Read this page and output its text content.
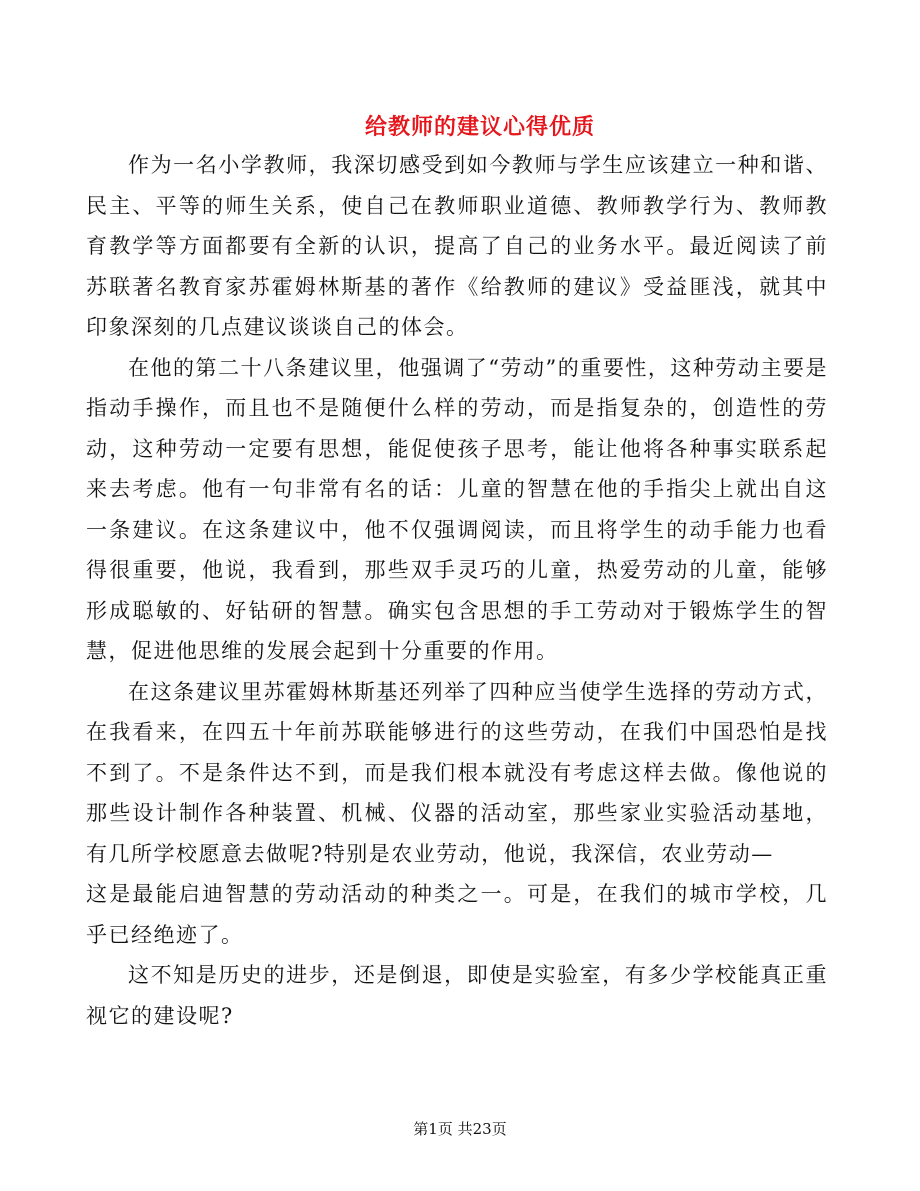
给教师的建议心得优质

作为一名小学教师，我深切感受到如今教师与学生应该建立一种和谐、民主、平等的师生关系，使自己在教师职业道德、教师教学行为、教师教育教学等方面都要有全新的认识，提高了自己的业务水平。最近阅读了前苏联著名教育家苏霍姆林斯基的著作《给教师的建议》受益匪浅，就其中印象深刻的几点建议谈谈自己的体会。

在他的第二十八条建议里，他强调了“劳动”的重要性，这种劳动主要是指动手操作，而且也不是随便什么样的劳动，而是指复杂的，创造性的劳动，这种劳动一定要有思想，能促使孩子思考，能让他将各种事实联系起来去考虑。他有一句非常有名的话：儿童的智慧在他的手指尖上就出自这一条建议。在这条建议中，他不仅强调阅读，而且将学生的动手能力也看得很重要，他说，我看到，那些双手灵巧的儿童，热爱劳动的儿童，能够形成聪敏的、好钻研的智慧。确实包含思想的手工劳动对于锻炼学生的智慧，促进他思维的发展会起到十分重要的作用。

在这条建议里苏霍姆林斯基还列举了四种应当使学生选择的劳动方式，在我看来，在四五十年前苏联能够进行的这些劳动，在我们中国恐怕是找不到了。不是条件达不到，而是我们根本就没有考虑这样去做。像他说的那些设计制作各种装置、机械、仪器的活动室，那些家业实验活动基地，有几所学校愿意去做呢?特别是农业劳动，他说，我深信，农业劳动—

这是最能启迪智慧的劳动活动的种类之一。可是，在我们的城市学校，几乎已经绝迹了。

这不知是历史的进步，还是倒退，即使是实验室，有多少学校能真正重视它的建设呢?

第1页 共23页
